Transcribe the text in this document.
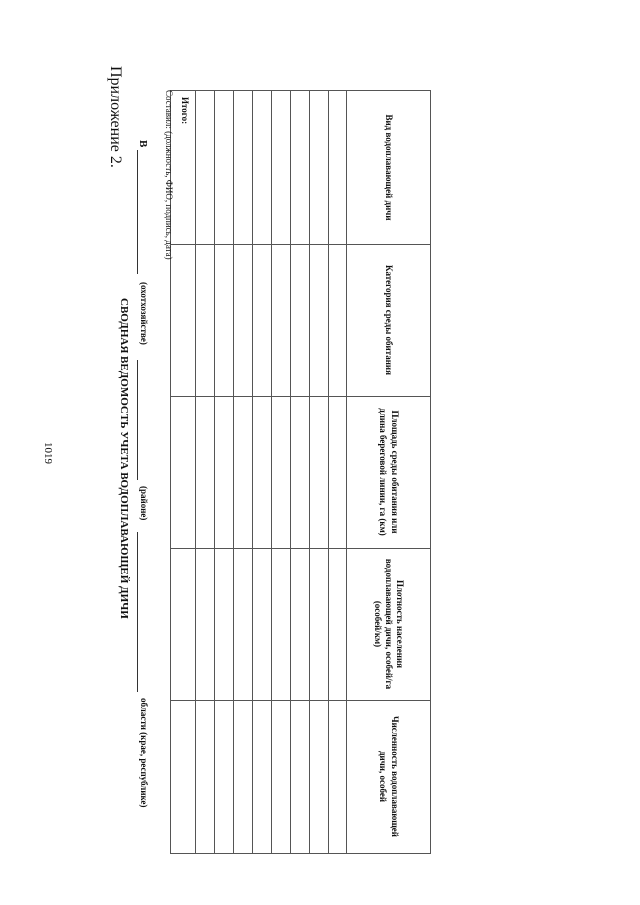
1019
Приложение 2.
СВОДНАЯ ВЕДОМОСТЬ УЧЕТА ВОДОПЛАВАЮЩЕЙ ДИЧИ
В
(охотхозяйстве)
(районе)
области (крае, республике)
Вид водоплавающей дичи
Категория среды обитания
Площадь среды обитания или длина береговой линии, га (км)
Плотность населения водоплавающей дичи, особей/га (особей/км)
Численность водоплавающей дичи, особей
Итого:
Составил: (должность, ФИО, подпись, дата)
